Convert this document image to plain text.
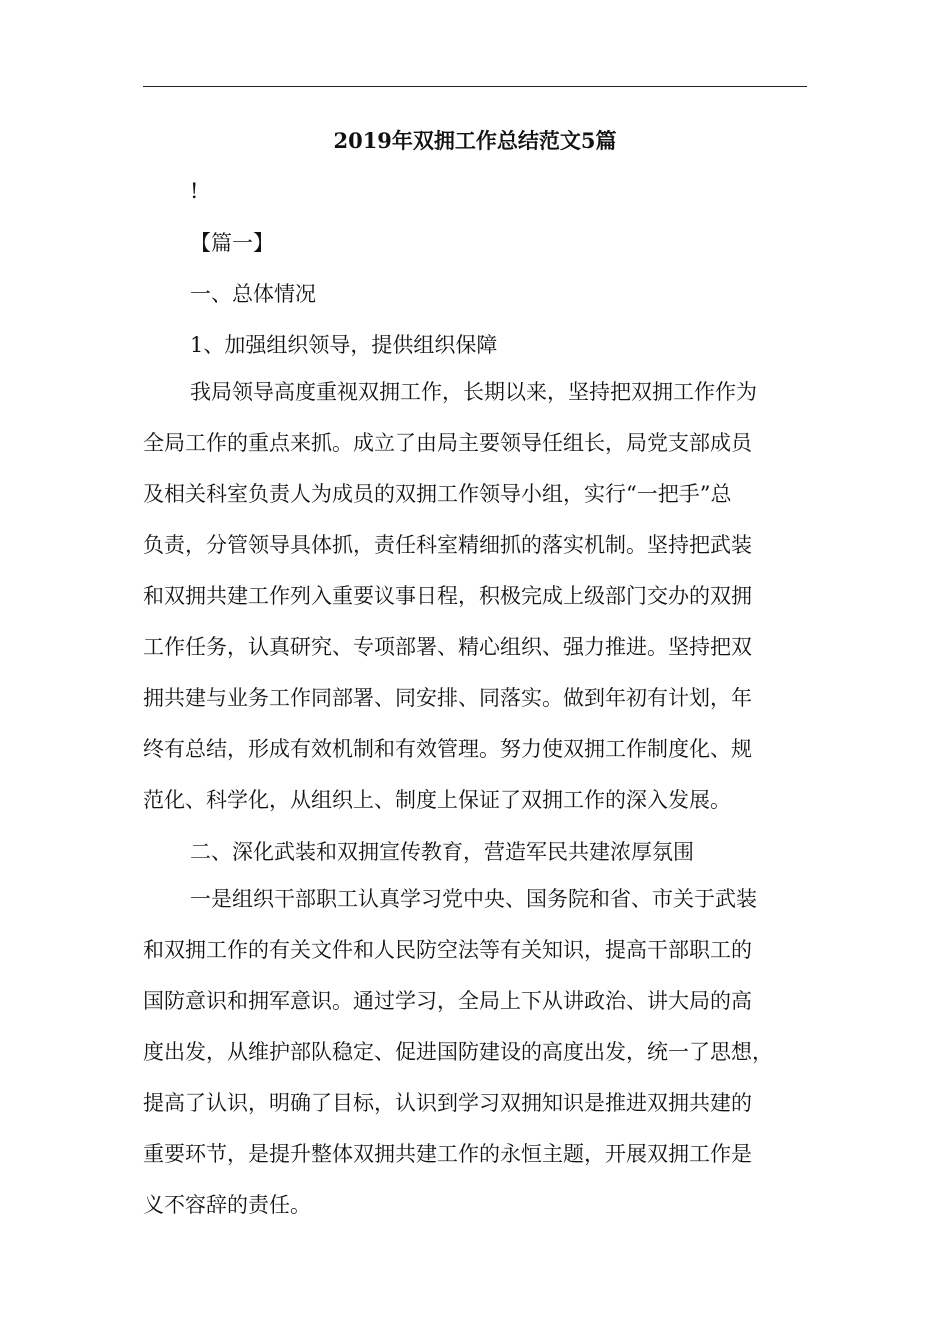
2019年双拥工作总结范文5篇
!
【篇一】
一、总体情况
1、加强组织领导，提供组织保障
我局领导高度重视双拥工作，长期以来，坚持把双拥工作作为
全局工作的重点来抓。成立了由局主要领导任组长，局党支部成员
及相关科室负责人为成员的双拥工作领导小组，实行“一把手”总
负责，分管领导具体抓，责任科室精细抓的落实机制。坚持把武装
和双拥共建工作列入重要议事日程，积极完成上级部门交办的双拥
工作任务，认真研究、专项部署、精心组织、强力推进。坚持把双
拥共建与业务工作同部署、同安排、同落实。做到年初有计划，年
终有总结，形成有效机制和有效管理。努力使双拥工作制度化、规
范化、科学化，从组织上、制度上保证了双拥工作的深入发展。
二、深化武装和双拥宣传教育，营造军民共建浓厚氛围
一是组织干部职工认真学习党中央、国务院和省、市关于武装
和双拥工作的有关文件和人民防空法等有关知识，提高干部职工的
国防意识和拥军意识。通过学习，全局上下从讲政治、讲大局的高
度出发，从维护部队稳定、促进国防建设的高度出发，统一了思想，
提高了认识，明确了目标，认识到学习双拥知识是推进双拥共建的
重要环节，是提升整体双拥共建工作的永恒主题，开展双拥工作是
义不容辞的责任。
